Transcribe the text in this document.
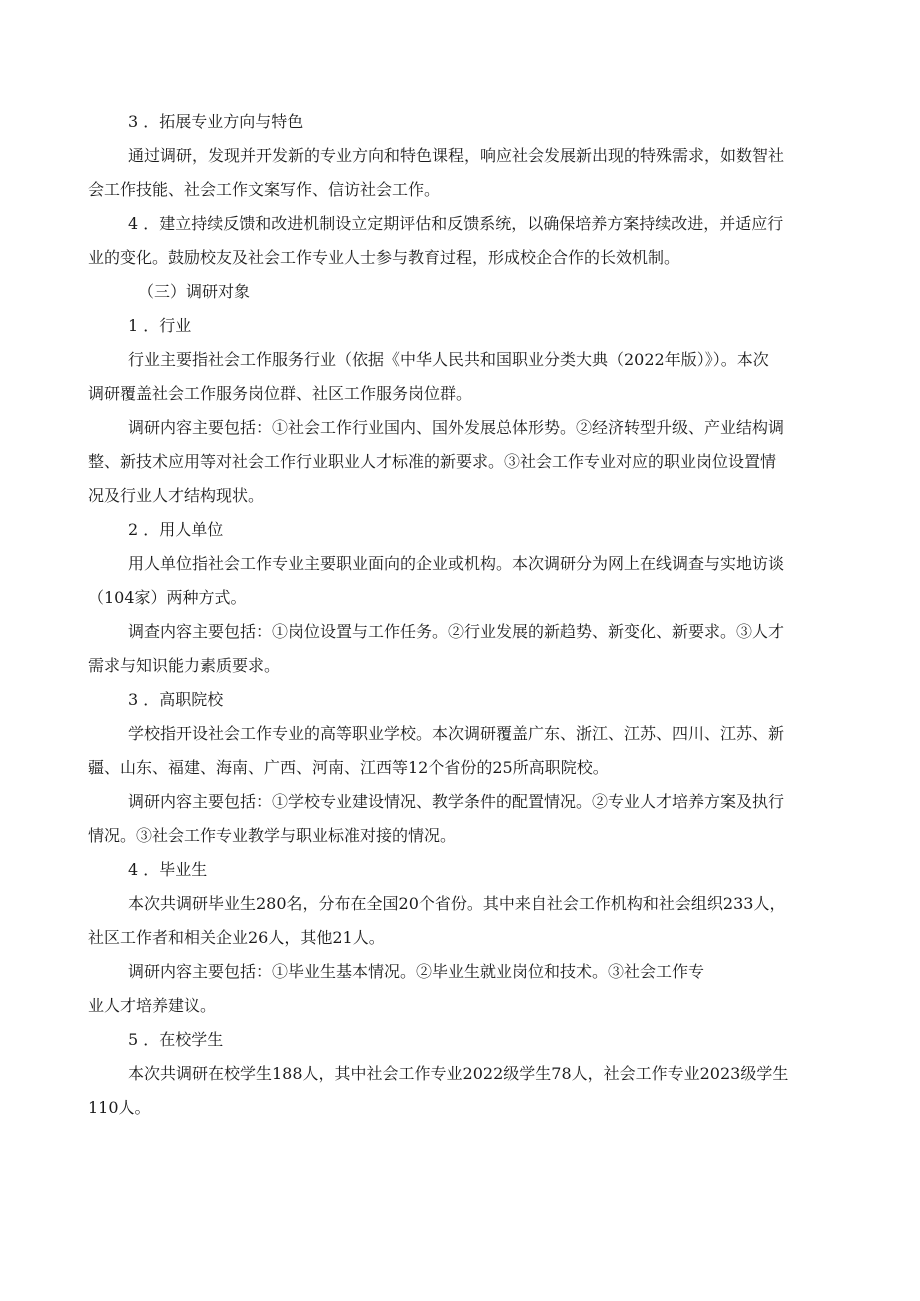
3 ．拓展专业方向与特色

通过调研，发现并开发新的专业方向和特色课程，响应社会发展新出现的特殊需求，如数智社

会工作技能、社会工作文案写作、信访社会工作。

4 ．建立持续反馈和改进机制设立定期评估和反馈系统，以确保培养方案持续改进，并适应行

业的变化。鼓励校友及社会工作专业人士参与教育过程，形成校企合作的长效机制。

（三）调研对象

1 ．行业

行业主要指社会工作服务行业（依据《中华人民共和国职业分类大典（2022年版）》）。本次

调研覆盖社会工作服务岗位群、社区工作服务岗位群。

调研内容主要包括：①社会工作行业国内、国外发展总体形势。②经济转型升级、产业结构调

整、新技术应用等对社会工作行业职业人才标准的新要求。③社会工作专业对应的职业岗位设置情

况及行业人才结构现状。

2 ．用人单位

用人单位指社会工作专业主要职业面向的企业或机构。本次调研分为网上在线调查与实地访谈

（104家）两种方式。

调查内容主要包括：①岗位设置与工作任务。②行业发展的新趋势、新变化、新要求。③人才

需求与知识能力素质要求。

3 ．高职院校

学校指开设社会工作专业的高等职业学校。本次调研覆盖广东、浙江、江苏、四川、江苏、新

疆、山东、福建、海南、广西、河南、江西等12个省份的25所高职院校。

调研内容主要包括：①学校专业建设情况、教学条件的配置情况。②专业人才培养方案及执行

情况。③社会工作专业教学与职业标准对接的情况。

4 ．毕业生

本次共调研毕业生280名，分布在全国20个省份。其中来自社会工作机构和社会组织233人，

社区工作者和相关企业26人，其他21人。

调研内容主要包括：①毕业生基本情况。②毕业生就业岗位和技术。③社会工作专

业人才培养建议。

5 ．在校学生

本次共调研在校学生188人，其中社会工作专业2022级学生78人，社会工作专业2023级学生

110人。
